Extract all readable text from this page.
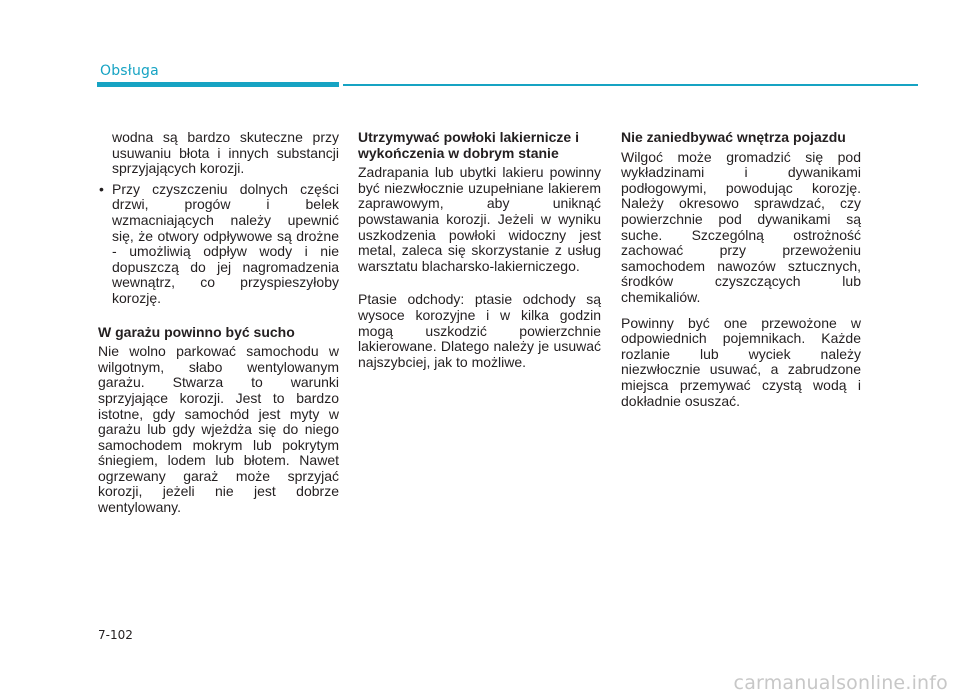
Obsługa

wodna są bardzo skuteczne przy usuwaniu błota i innych substancji sprzyjających korozji.

• Przy czyszczeniu dolnych części drzwi, progów i belek wzmacniających należy upewnić się, że otwory odpływowe są drożne - umożliwią odpływ wody i nie dopuszczą do jej nagromadzenia wewnątrz, co przyspieszyłoby korozję.

W garażu powinno być sucho

Nie wolno parkować samochodu w wilgotnym, słabo wentylowanym garażu. Stwarza to warunki sprzyjające korozji. Jest to bardzo istotne, gdy samochód jest myty w garażu lub gdy wjeżdża się do niego samochodem mokrym lub pokrytym śniegiem, lodem lub błotem. Nawet ogrzewany garaż może sprzyjać korozji, jeżeli nie jest dobrze wentylowany.

Utrzymywać powłoki lakiernicze i wykończenia w dobrym stanie

Zadrapania lub ubytki lakieru powinny być niezwłocznie uzupełniane lakierem zaprawowym, aby uniknąć powstawania korozji. Jeżeli w wyniku uszkodzenia powłoki widoczny jest metal, zaleca się skorzystanie z usług warsztatu blacharsko-lakierniczego.

Ptasie odchody: ptasie odchody są wysoce korozyjne i w kilka godzin mogą uszkodzić powierzchnie lakierowane. Dlatego należy je usuwać najszybciej, jak to możliwe.

Nie zaniedbywać wnętrza pojazdu

Wilgoć może gromadzić się pod wykładzinami i dywanikami podłogowymi, powodując korozję. Należy okresowo sprawdzać, czy powierzchnie pod dywanikami są suche. Szczególną ostrożność zachować przy przewożeniu samochodem nawozów sztucznych, środków czyszczących lub chemikaliów.

Powinny być one przewożone w odpowiednich pojemnikach. Każde rozlanie lub wyciek należy niezwłocznie usuwać, a zabrudzone miejsca przemywać czystą wodą i dokładnie osuszać.

7-102
carmanualsonline.info
